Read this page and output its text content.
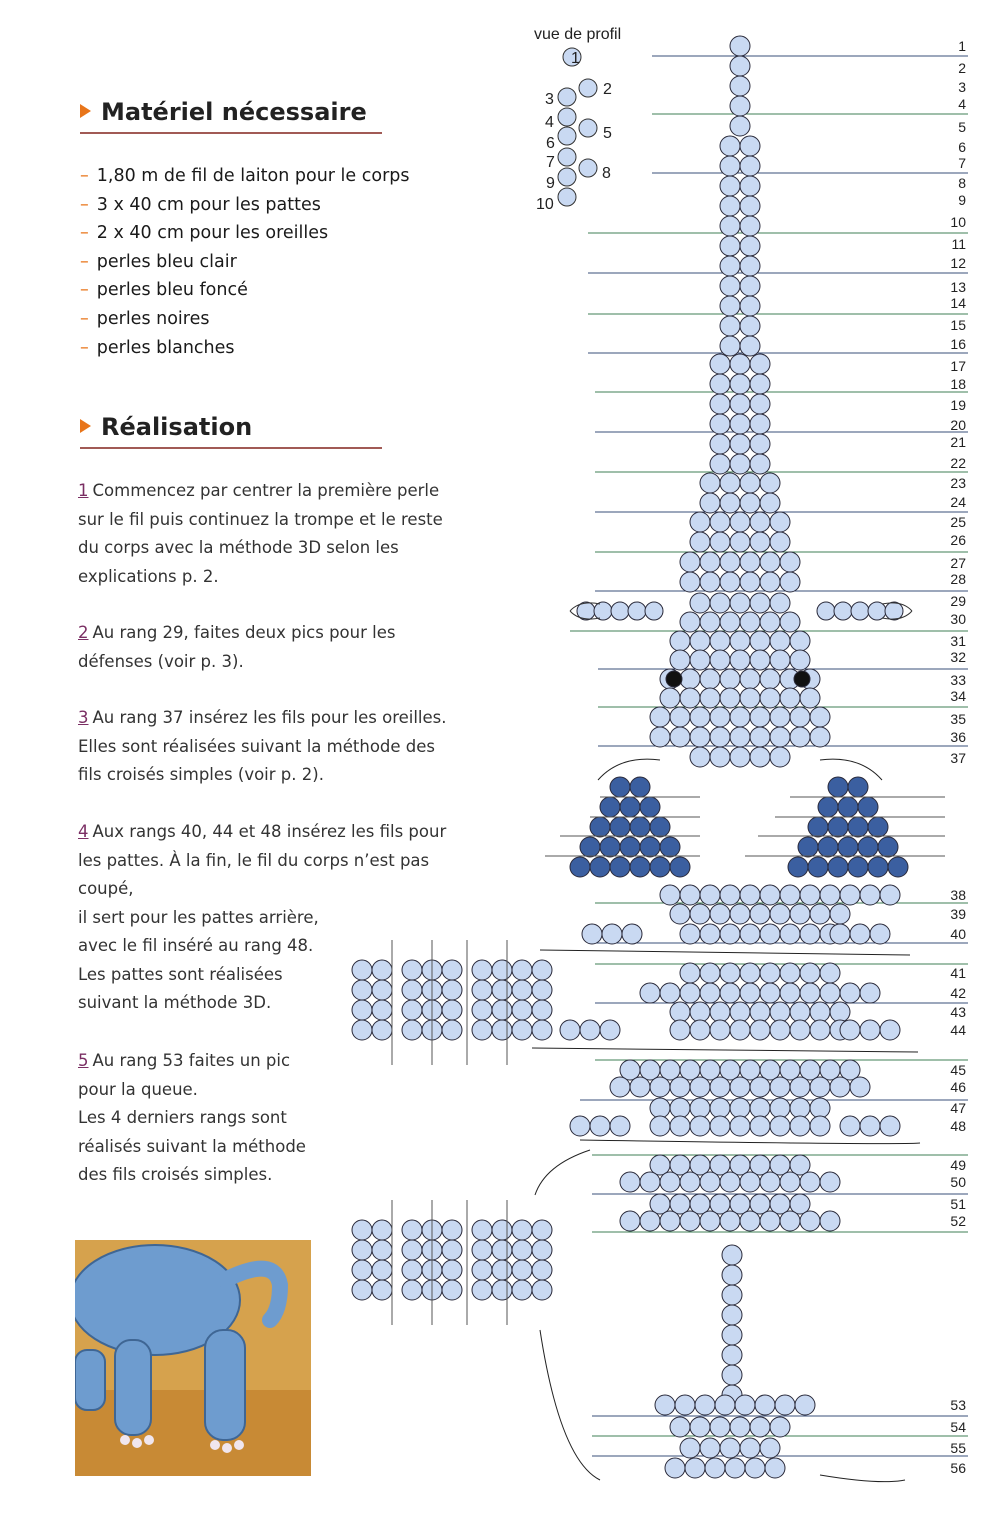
Matériel nécessaire
– 1,80 m de fil de laiton pour le corps
– 3 x 40 cm pour les pattes
– 2 x 40 cm pour les oreilles
– perles bleu clair
– perles bleu foncé
– perles noires
– perles blanches
Réalisation

1 Commencez par centrer la première perle

sur le fil puis continuez la trompe et le reste

du corps avec la méthode 3D selon les

explications p. 2.

2 Au rang 29, faites deux pics pour les

défenses (voir p. 3).

3 Au rang 37 insérez les fils pour les oreilles.

Elles sont réalisées suivant la méthode des

fils croisés simples (voir p. 2).

4 Aux rangs 40, 44 et 48 insérez les fils pour

les pattes. À la fin, le fil du corps n’est pas

coupé,

il sert pour les pattes arrière,

avec le fil inséré au rang 48.

Les pattes sont réalisées

suivant la méthode 3D.

5 Au rang 53 faites un pic

pour la queue.

Les 4 derniers rangs sont

réalisés suivant la méthode

des fils croisés simples.

1
2
3
4
5
6
7
8
9
10
11
12
13
14
15
16
17
18
19
20
21
22
23
24
25
26
27
28
29
30
31
32
33
34
35
36
37
38
39
40
41
42
43
44
45
46
47
48
49
50
51
52
53
54
55
56
vue de profil
1
2
3
4
5
6
7
8
9
10
